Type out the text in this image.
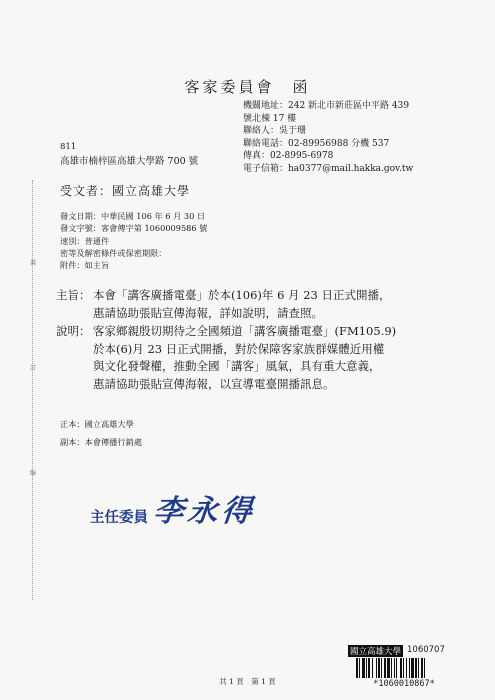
客家委員會　函
機關地址：242 新北市新莊區中平路 439
號北棟 17 樓
聯絡人：吳于珊
聯絡電話：02-89956988 分機 537
傳真：02-8995-6978
電子信箱：ha0377@mail.hakka.gov.tw
811
高雄市楠梓區高雄大學路 700 號
受文者：國立高雄大學
發文日期：中華民國 106 年 6 月 30 日
發文字號：客會傳字第 1060009586 號
速別：普通件
密等及解密條件或保密期限：
附件：如主旨
裝
訂
線
主旨： 本會「講客廣播電臺」於本(106)年 6 月 23 日正式開播，
惠請協助張貼宣傳海報，詳如說明，請查照。
說明： 客家鄉親殷切期待之全國頻道「講客廣播電臺」(FM105.9)
於本(6)月 23 日正式開播，對於保障客家族群媒體近用權
與文化發聲權，推動全國「講客」風氣，具有重大意義，
惠請協助張貼宣傳海報，以宣導電臺開播訊息。
正本：國立高雄大學
副本：本會傳播行銷處
主任委員 李永得
共 1 頁　第 1 頁
國立高雄大學 1060707
*1060010867*
